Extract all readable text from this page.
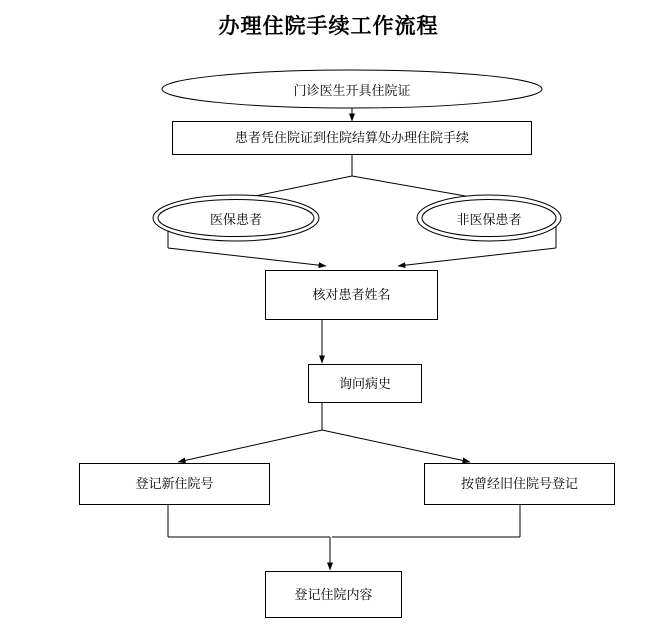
办理住院手续工作流程
门诊医生开具住院证
患者凭住院证到住院结算处办理住院手续
医保患者	非医保患者
核对患者姓名
询问病史
登记新住院号	按曾经旧住院号登记
登记住院内容
